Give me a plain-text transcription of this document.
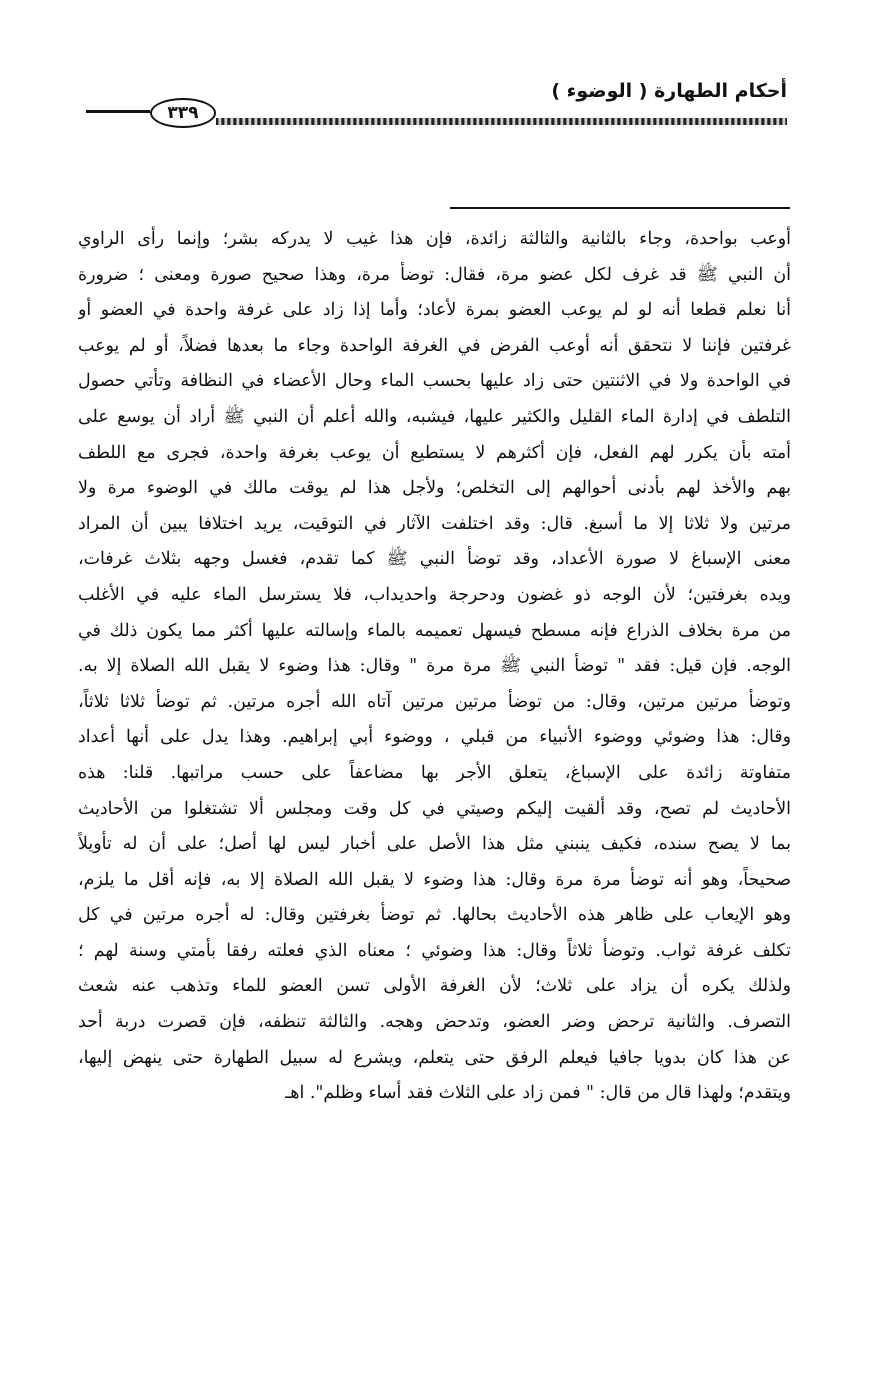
أحكام الطهارة ( الوضوء )
٣٣٩
أوعب بواحدة، وجاء بالثانية والثالثة زائدة، فإن هذا غيب لا يدركه بشر؛ وإنما رأى الراوي
أن النبي ﷺ قد غرف لكل عضو مرة، فقال: توضأ مرة، وهذا صحيح صورة ومعنى ؛ ضرورة
أنا نعلم قطعا أنه لو لم يوعب العضو بمرة لأعاد؛ وأما إذا زاد على غرفة واحدة في العضو أو
غرفتين فإننا لا نتحقق أنه أوعب الفرض في الغرفة الواحدة وجاء ما بعدها فضلاً، أو لم يوعب
في الواحدة ولا في الاثنتين حتى زاد عليها بحسب الماء وحال الأعضاء في النظافة وتأتي حصول
التلطف في إدارة الماء القليل والكثير عليها، فيشبه، والله أعلم أن النبي ﷺ أراد أن يوسع على
أمته بأن يكرر لهم الفعل، فإن أكثرهم لا يستطيع أن يوعب بغرفة واحدة، فجرى مع اللطف
بهم والأخذ لهم بأدنى أحوالهم إلى التخلص؛ ولأجل هذا لم يوقت مالك في الوضوء مرة ولا
مرتين ولا ثلاثا إلا ما أسبغ. قال: وقد اختلفت الآثار في التوقيت، يريد اختلافا يبين أن المراد
معنى الإسباغ لا صورة الأعداد، وقد توضأ النبي ﷺ كما تقدم، فغسل وجهه بثلاث غرفات،
ويده بغرفتين؛ لأن الوجه ذو غضون ودحرجة واحديداب، فلا يسترسل الماء عليه في الأغلب
من مرة بخلاف الذراع فإنه مسطح فيسهل تعميمه بالماء وإسالته عليها أكثر مما يكون ذلك في
الوجه. فإن قيل: فقد " توضأ النبي ﷺ مرة مرة " وقال: هذا وضوء لا يقبل الله الصلاة إلا به.
وتوضأ مرتين مرتين، وقال: من توضأ مرتين مرتين آتاه الله أجره مرتين. ثم توضأ ثلاثا ثلاثاً،
وقال: هذا وضوئي ووضوء الأنبياء من قبلي ، ووضوء أبي إبراهيم. وهذا يدل على أنها أعداد
متفاوتة زائدة على الإسباغ، يتعلق الأجر بها مضاعفاً على حسب مراتبها. قلنا: هذه
الأحاديث لم تصح، وقد ألقيت إليكم وصيتي في كل وقت ومجلس ألا تشتغلوا من الأحاديث
بما لا يصح سنده، فكيف ينبني مثل هذا الأصل على أخبار ليس لها أصل؛ على أن له تأويلاً
صحيحاً، وهو أنه توضأ مرة مرة وقال: هذا وضوء لا يقبل الله الصلاة إلا به، فإنه أقل ما يلزم،
وهو الإيعاب على ظاهر هذه الأحاديث بحالها. ثم توضأ بغرفتين وقال: له أجره مرتين في كل
تكلف غرفة ثواب. وتوضأ ثلاثاً وقال: هذا وضوئي ؛ معناه الذي فعلته رفقا بأمتي وسنة لهم ؛
ولذلك يكره أن يزاد على ثلاث؛ لأن الغرفة الأولى تسن العضو للماء وتذهب عنه شعث
التصرف. والثانية ترحض وضر العضو، وتدحض وهجه. والثالثة تنظفه، فإن قصرت دربة أحد
عن هذا كان بدويا جافيا فيعلم الرفق حتى يتعلم، ويشرع له سبيل الطهارة حتى ينهض إليها،
ويتقدم؛ ولهذا قال من قال: " فمن زاد على الثلاث فقد أساء وظلم". اهـ
